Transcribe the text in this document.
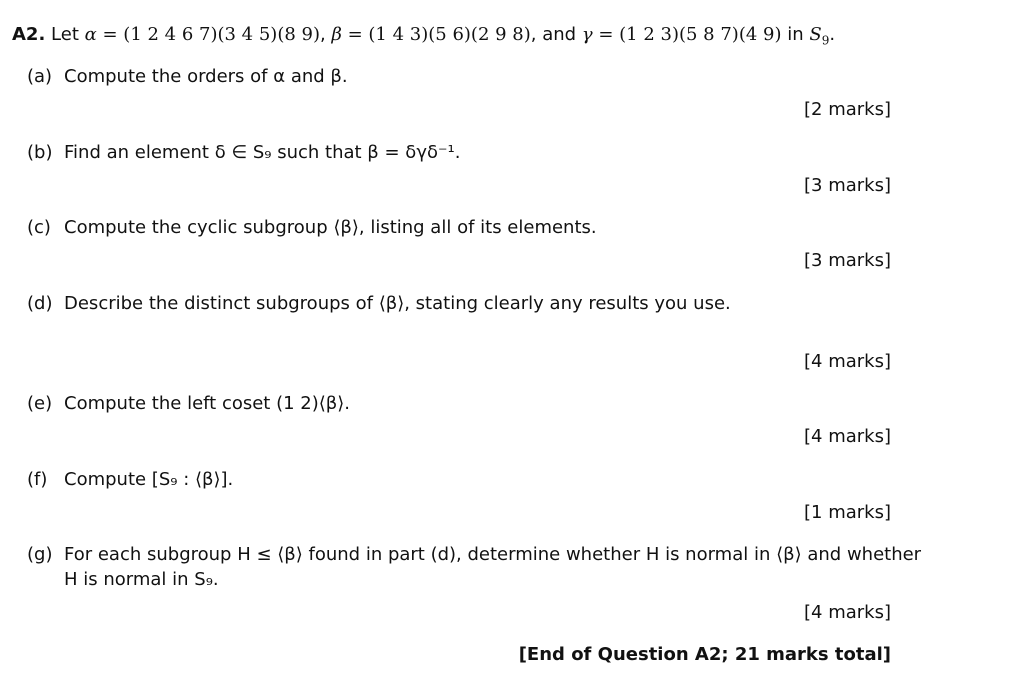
A2. Let α = (1 2 4 6 7)(3 4 5)(8 9), β = (1 4 3)(5 6)(2 9 8), and γ = (1 2 3)(5 8 7)(4 9) in $S_9$.
(a) Compute the orders of α and β.
[2 marks]
(b) Find an element δ ∈ S₉ such that β = δγδ⁻¹.
[3 marks]
(c) Compute the cyclic subgroup ⟨β⟩, listing all of its elements.
[3 marks]
(d) Describe the distinct subgroups of ⟨β⟩, stating clearly any results you use.
[4 marks]
(e) Compute the left coset (1 2)⟨β⟩.
[4 marks]
(f) Compute [S₉ : ⟨β⟩].
[1 marks]
(g) For each subgroup H ≤ ⟨β⟩ found in part (d), determine whether H is normal in ⟨β⟩ and whether
H is normal in S₉.
[4 marks]
[End of Question A2; 21 marks total]
